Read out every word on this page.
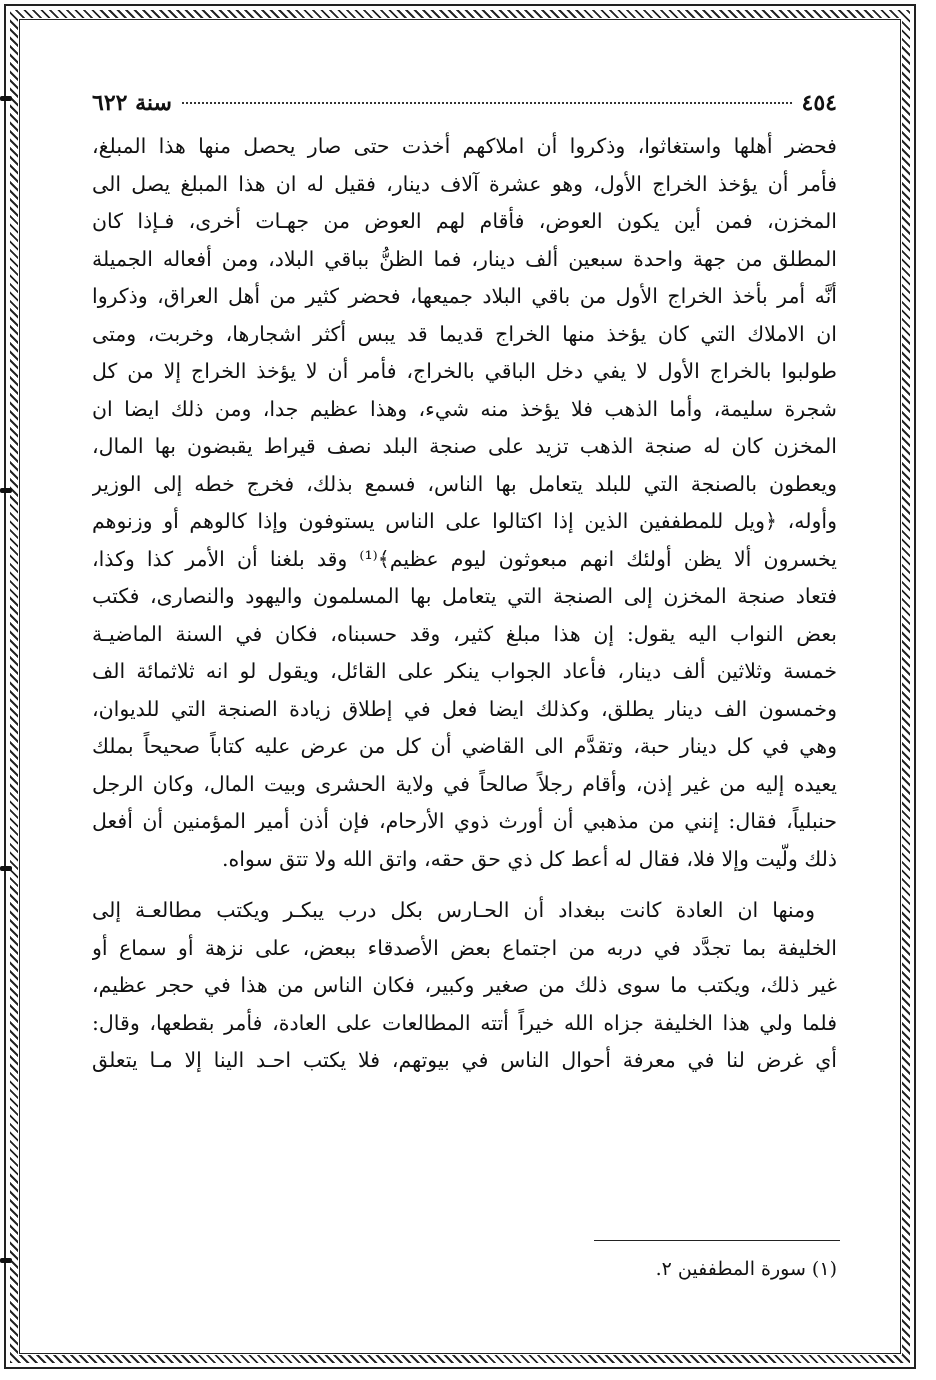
٤٥٤
سنة ٦٢٢

فحضر أهلها واستغاثوا، وذكروا أن املاكهم أخذت حتى صار يحصل منها هذا المبلغ،
فأمر أن يؤخذ الخراج الأول، وهو عشرة آلاف دينار، فقيل له ان هذا المبلغ يصل الى
المخزن، فمن أين يكون العوض، فأقام لهم العوض من جهـات أخرى، فـإذا كان
المطلق من جهة واحدة سبعين ألف دينار، فما الظنُّ بباقي البلاد، ومن أفعاله الجميلة
أنَّه أمر بأخذ الخراج الأول من باقي البلاد جميعها، فحضر كثير من أهل العراق، وذكروا
ان الاملاك التي كان يؤخذ منها الخراج قديما قد يبس أكثر اشجارها، وخربت، ومتى
طولبوا بالخراج الأول لا يفي دخل الباقي بالخراج، فأمر أن لا يؤخذ الخراج إلا من كل
شجرة سليمة، وأما الذهب فلا يؤخذ منه شيء، وهذا عظيم جدا، ومن ذلك ايضا ان
المخزن كان له صنجة الذهب تزيد على صنجة البلد نصف قيراط يقبضون بها المال،
ويعطون بالصنجة التي للبلد يتعامل بها الناس، فسمع بذلك، فخرج خطه إلى الوزير
وأوله، ﴿ويل للمطففين الذين إذا اكتالوا على الناس يستوفون وإذا كالوهم أو وزنوهم
يخسرون ألا يظن أولئك انهم مبعوثون ليوم عظيم﴾⁽¹⁾ وقد بلغنا أن الأمر كذا وكذا،
فتعاد صنجة المخزن إلى الصنجة التي يتعامل بها المسلمون واليهود والنصارى، فكتب
بعض النواب اليه يقول: إن هذا مبلغ كثير، وقد حسبناه، فكان في السنة الماضيـة
خمسة وثلاثين ألف دينار، فأعاد الجواب ينكر على القائل، ويقول لو انه ثلاثمائة الف
وخمسون الف دينار يطلق، وكذلك ايضا فعل في إطلاق زيادة الصنجة التي للديوان،
وهي في كل دينار حبة، وتقدَّم الى القاضي أن كل من عرض عليه كتاباً صحيحاً بملك
يعيده إليه من غير إذن، وأقام رجلاً صالحاً في ولاية الحشرى وبيت المال، وكان الرجل
حنبلياً، فقال: إنني من مذهبي أن أورث ذوي الأرحام، فإن أذن أمير المؤمنين أن أفعل
ذلك ولّيت وإلا فلا، فقال له أعط كل ذي حق حقه، واتق الله ولا تتق سواه.

ومنها ان العادة كانت ببغداد أن الحـارس بكل درب يبكـر ويكتب مطالعـة إلى
الخليفة بما تجدَّد في دربه من اجتماع بعض الأصدقاء ببعض، على نزهة أو سماع أو
غير ذلك، ويكتب ما سوى ذلك من صغير وكبير، فكان الناس من هذا في حجر عظيم،
فلما ولي هذا الخليفة جزاه الله خيراً أتته المطالعات على العادة، فأمر بقطعها، وقال:
أي غرض لنا في معرفة أحوال الناس في بيوتهم، فلا يكتب احـد الينا إلا مـا يتعلق

(١) سورة المطففين ٢.
